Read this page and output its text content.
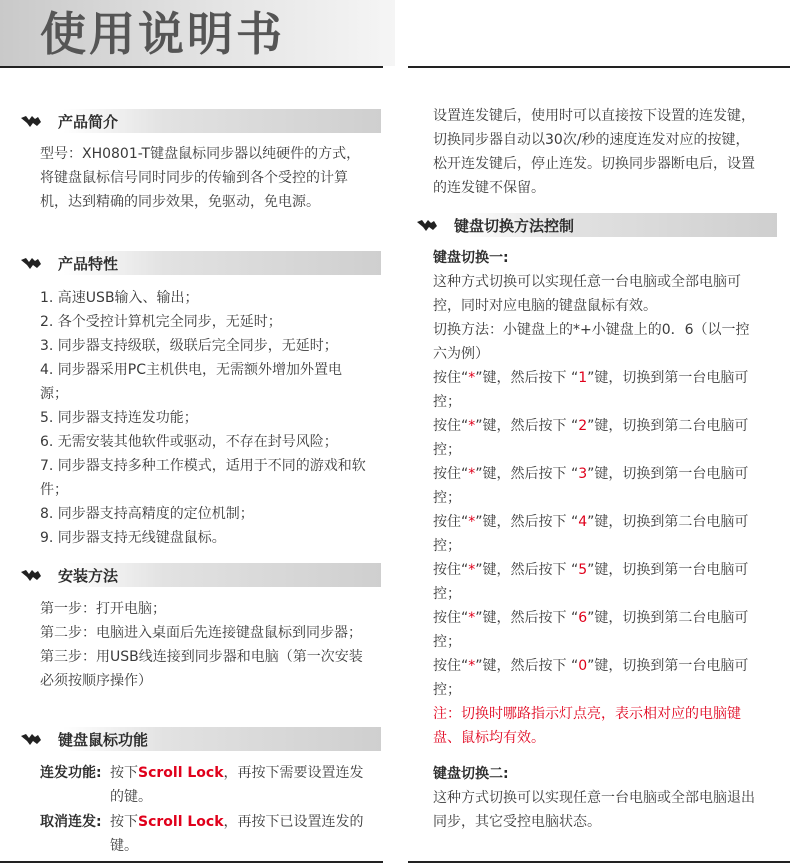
使用说明书
产品简介
型号：XH0801-T键盘鼠标同步器以纯硬件的方式，将键盘鼠标信号同时同步的传输到各个受控的计算机，达到精确的同步效果，免驱动，免电源。
产品特性
1. 高速USB输入、输出；
2. 各个受控计算机完全同步，无延时；
3. 同步器支持级联，级联后完全同步，无延时；
4. 同步器采用PC主机供电，无需额外增加外置电源；
5. 同步器支持连发功能；
6. 无需安装其他软件或驱动，不存在封号风险；
7. 同步器支持多种工作模式，适用于不同的游戏和软件；
8. 同步器支持高精度的定位机制；
9. 同步器支持无线键盘鼠标。
安装方法
第一步：打开电脑；
第二步：电脑进入桌面后先连接键盘鼠标到同步器；
第三步：用USB线连接到同步器和电脑（第一次安装必须按顺序操作）
键盘鼠标功能
连发功能: 按下Scroll Lock，再按下需要设置连发的键。
取消连发: 按下Scroll Lock，再按下已设置连发的键。
设置连发键后，使用时可以直接按下设置的连发键，切换同步器自动以30次/秒的速度连发对应的按键，松开连发键后，停止连发。切换同步器断电后，设置的连发键不保留。
键盘切换方法控制
键盘切换一:
这种方式切换可以实现任意一台电脑或全部电脑可控，同时对应电脑的键盘鼠标有效。
切换方法：小键盘上的*+小键盘上的0．6（以一控六为例）
按住“*”键，然后按下 “1”键，切换到第一台电脑可控；
按住“*”键，然后按下 “2”键，切换到第二台电脑可控；
按住“*”键，然后按下 “3”键，切换到第一台电脑可控；
按住“*”键，然后按下 “4”键，切换到第二台电脑可控；
按住“*”键，然后按下 “5”键，切换到第一台电脑可控；
按住“*”键，然后按下 “6”键，切换到第二台电脑可控；
按住“*”键，然后按下 “0”键，切换到第一台电脑可控；
注：切换时哪路指示灯点亮，表示相对应的电脑键盘、鼠标均有效。
键盘切换二:
这种方式切换可以实现任意一台电脑或全部电脑退出同步，其它受控电脑状态。
